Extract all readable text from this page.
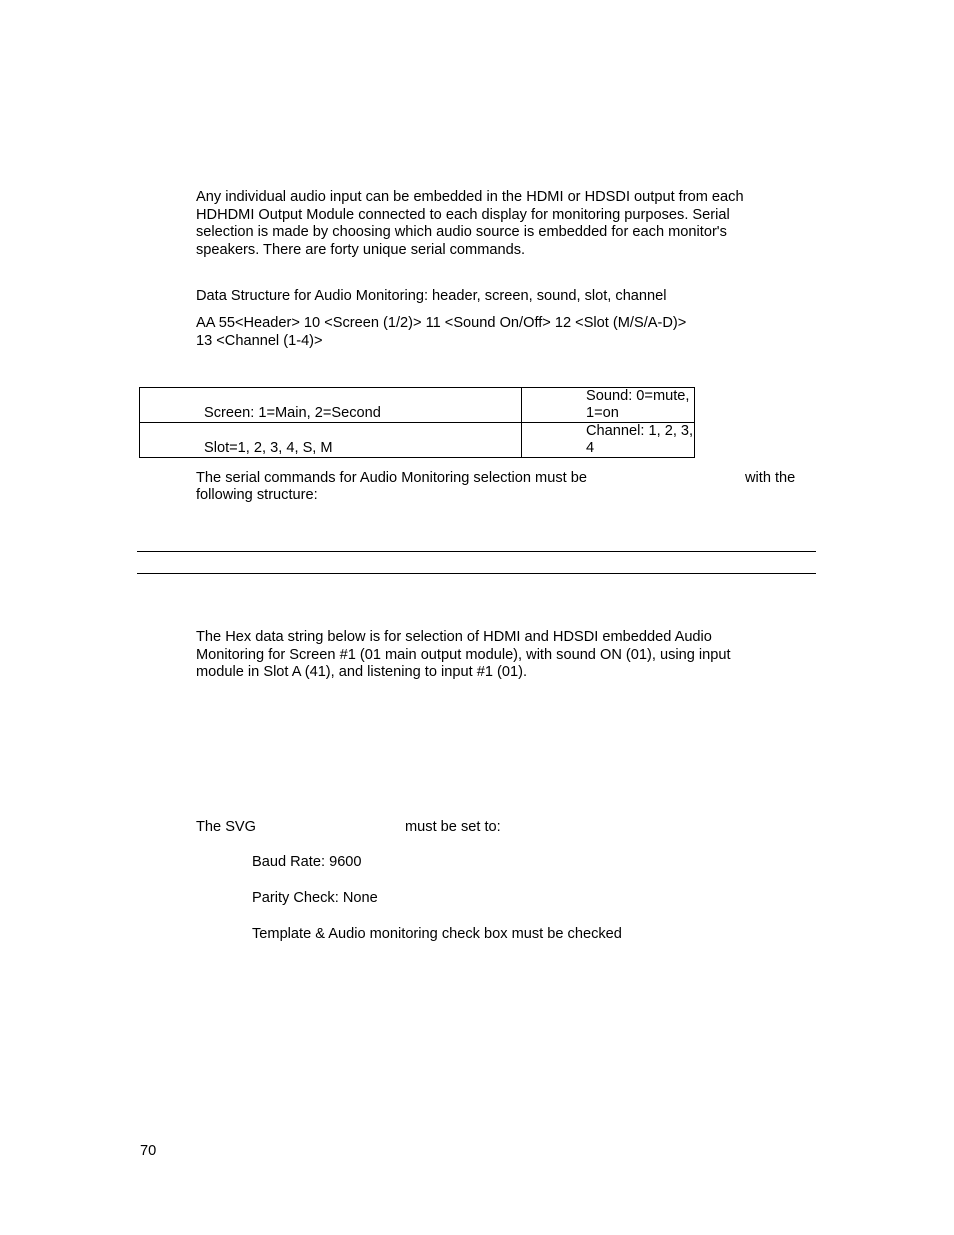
Any individual audio input can be embedded in the HDMI or HDSDI output from each
HDHDMI Output Module connected to each display for monitoring purposes. Serial
selection is made by choosing which audio source is embedded for each monitor's
speakers. There are forty unique serial commands.
Data Structure for Audio Monitoring: header, screen, sound, slot, channel
AA 55<Header> 10 <Screen (1/2)> 11 <Sound On/Off> 12 <Slot (M/S/A-D)>
13 <Channel (1-4)>
Screen: 1=Main, 2=Second	Sound: 0=mute, 1=on
Slot=1, 2, 3, 4, S, M	Channel: 1, 2, 3, 4
The serial commands for Audio Monitoring selection must be	with the
following structure:
The Hex data string below is for selection of HDMI and HDSDI embedded Audio
Monitoring for Screen #1 (01 main output module), with sound ON (01), using input
module in Slot A (41), and listening to input #1 (01).
The SVG	must be set to:
Baud Rate: 9600
Parity Check: None
Template & Audio monitoring check box must be checked
70
